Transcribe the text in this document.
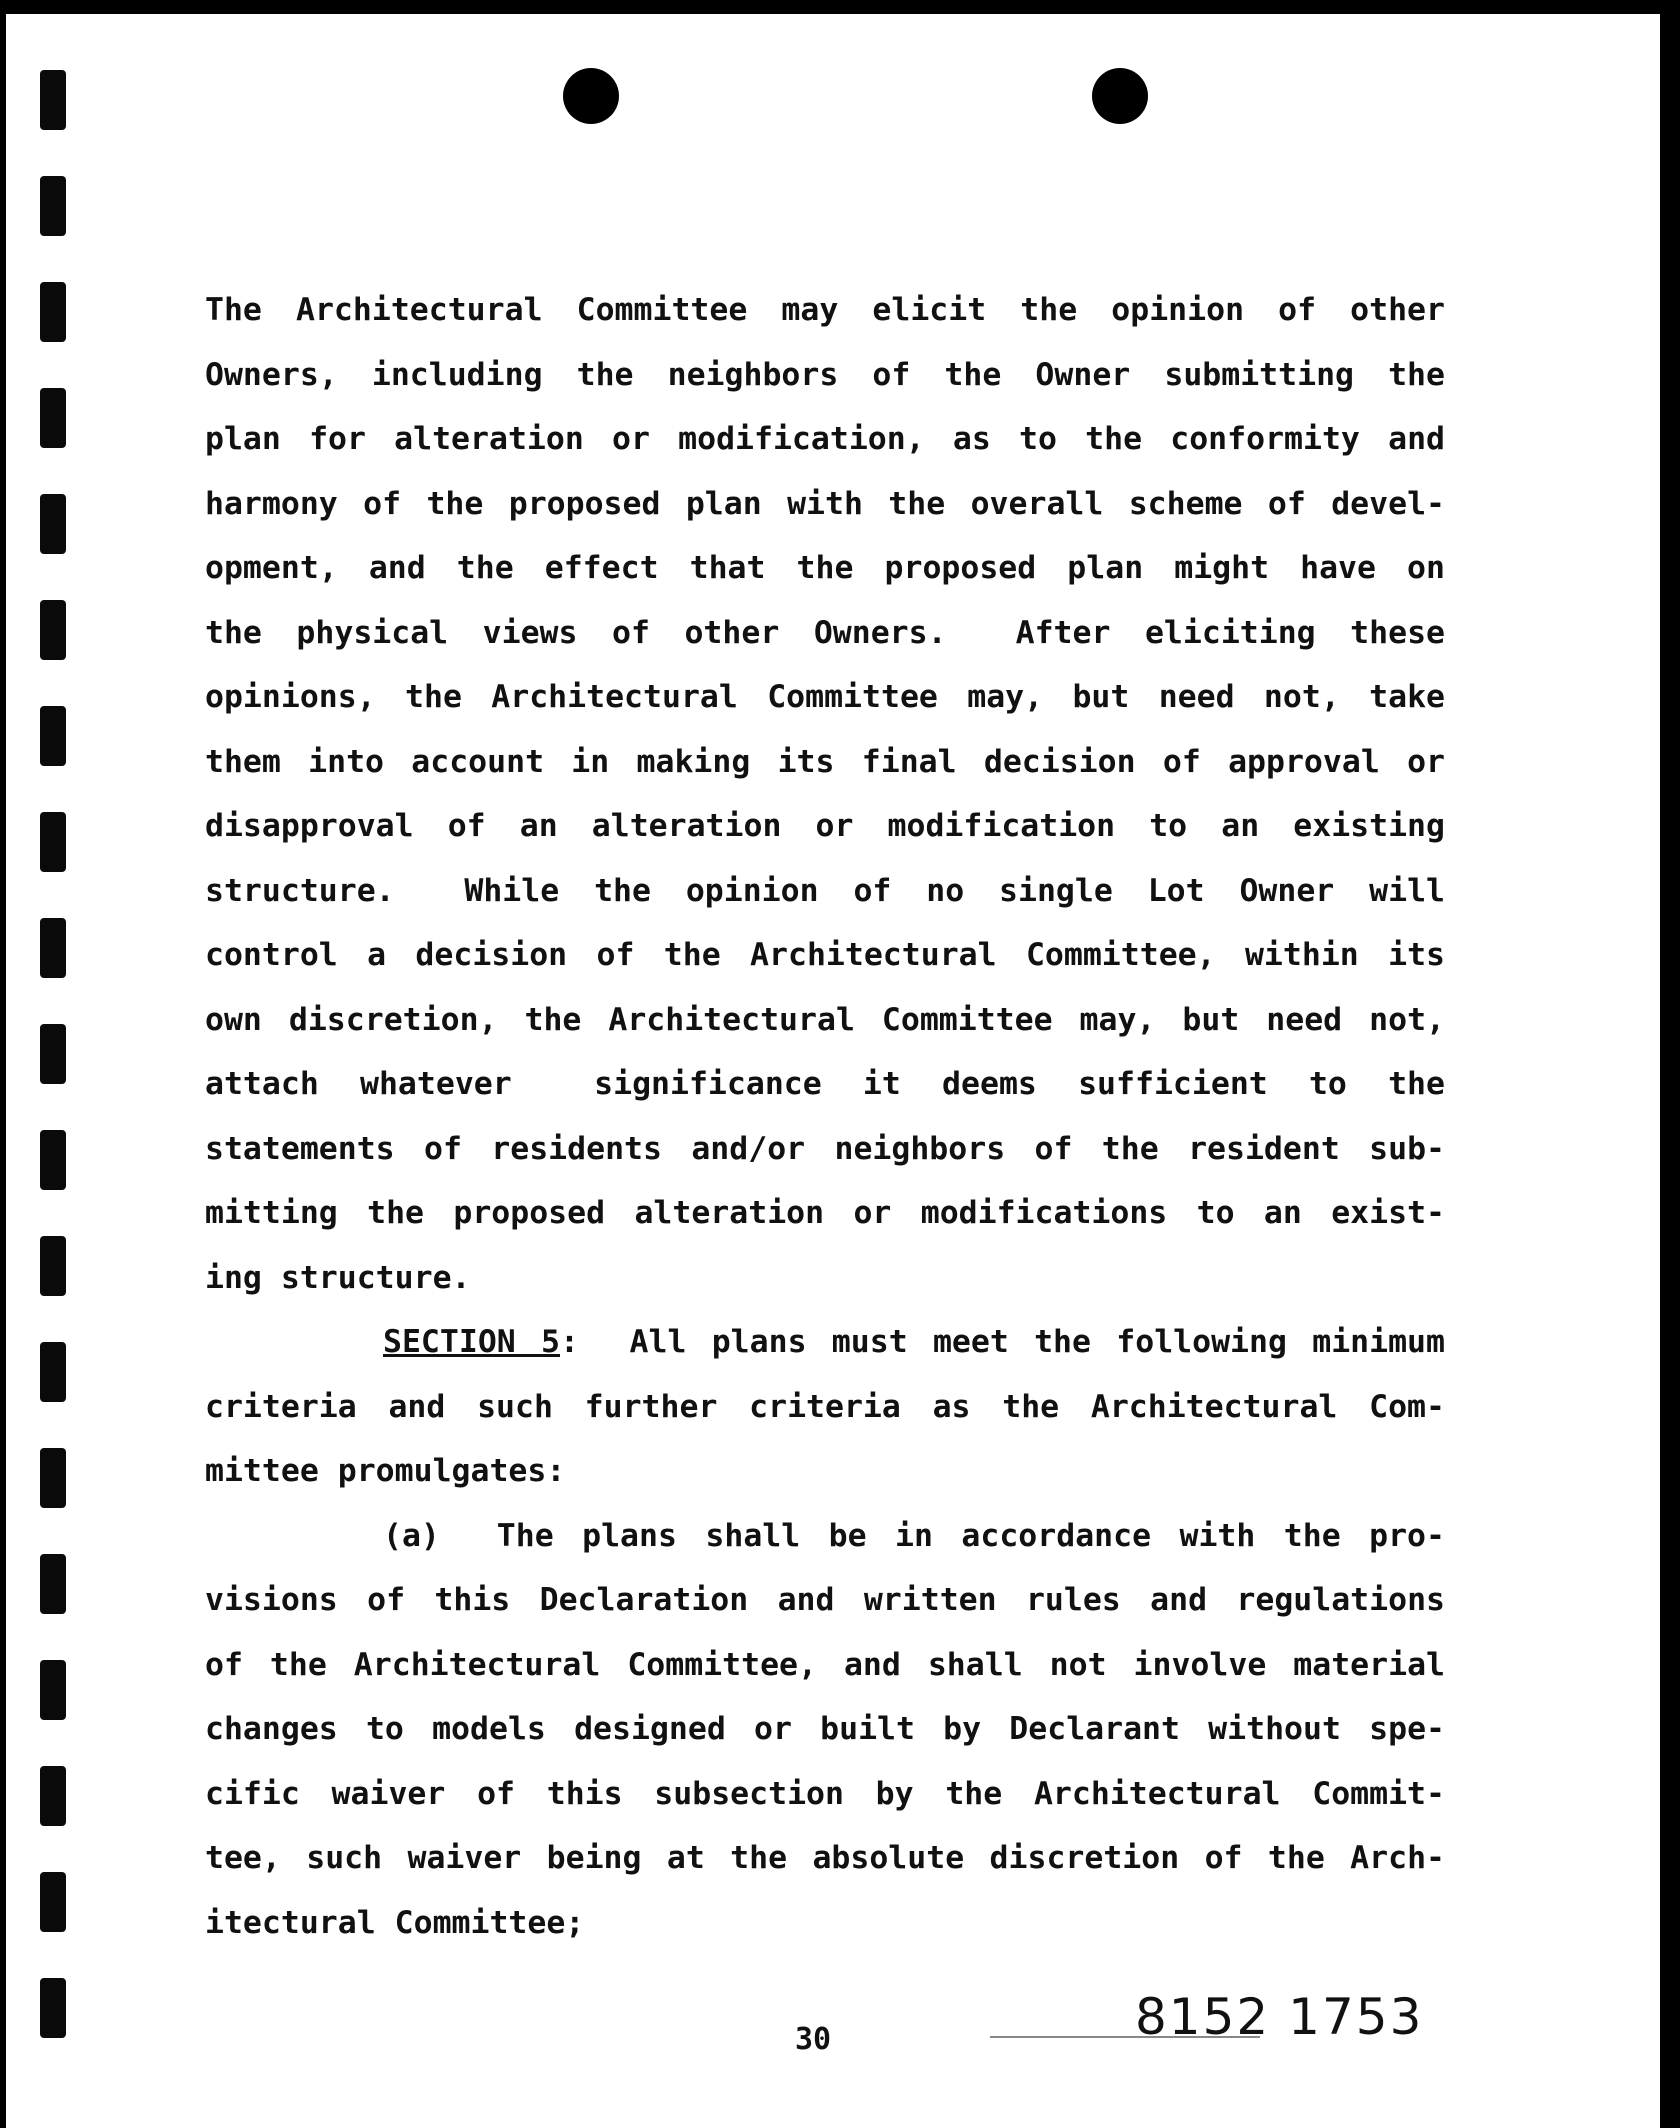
The Architectural Committee may elicit the opinion of other
Owners, including the neighbors of the Owner submitting the
plan for alteration or modification, as to the conformity and
harmony of the proposed plan with the overall scheme of devel-
opment, and the effect that the proposed plan might have on
the physical views of other Owners.  After eliciting these
opinions, the Architectural Committee may, but need not, take
them into account in making its final decision of approval or
disapproval of an alteration or modification to an existing
structure.  While the opinion of no single Lot Owner will
control a decision of the Architectural Committee, within its
own discretion, the Architectural Committee may, but need not,
attach whatever  significance it deems sufficient to the
statements of residents and/or neighbors of the resident sub-
mitting the proposed alteration or modifications to an exist-
ing structure.
SECTION 5:  All plans must meet the following minimum
criteria and such further criteria as the Architectural Com-
mittee promulgates:
(a)  The plans shall be in accordance with the pro-
visions of this Declaration and written rules and regulations
of the Architectural Committee, and shall not involve material
changes to models designed or built by Declarant without spe-
cific waiver of this subsection by the Architectural Commit-
tee, such waiver being at the absolute discretion of the Arch-
itectural Committee;
30	8152 1753
